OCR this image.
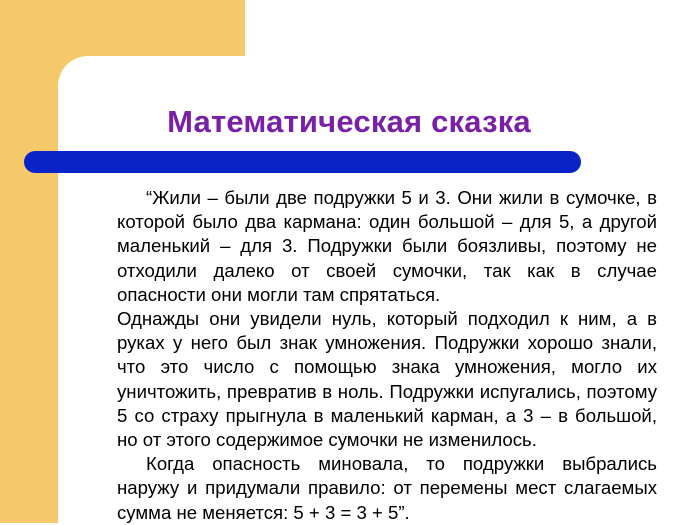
Математическая сказка

“Жили – были две подружки 5 и 3. Они жили в сумочке, в которой было два кармана: один большой – для 5, а другой маленький – для 3. Подружки были боязливы, поэтому не отходили далеко от своей сумочки, так как в случае опасности они могли там спрятаться.

Однажды они увидели нуль, который подходил к ним, а в руках у него был знак умножения. Подружки хорошо знали, что это число с помощью знака умножения, могло их уничтожить, превратив в ноль. Подружки испугались, поэтому 5 со страху прыгнула в маленький карман, а 3 – в большой, но от этого содержимое сумочки не изменилось.

Когда опасность миновала, то подружки выбрались наружу и придумали правило: от перемены мест слагаемых сумма не меняется: 5 + 3 = 3 + 5”.
